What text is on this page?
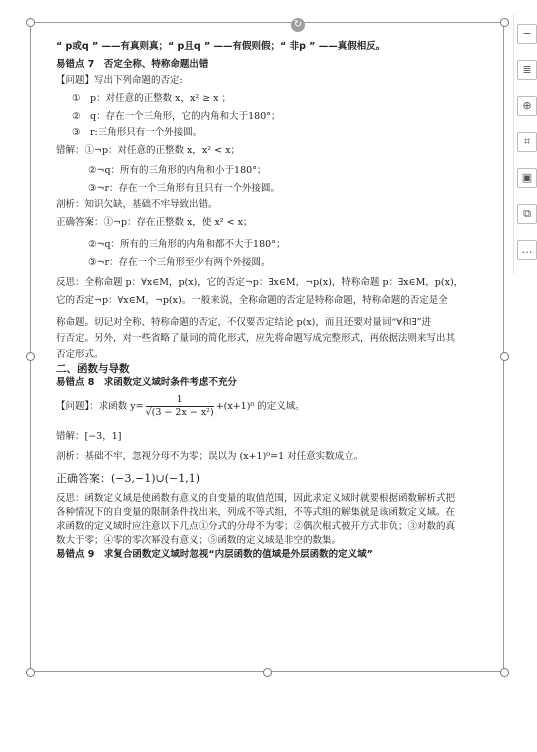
↻
“ p或q ” ——有真则真；“ p且q ” ——有假则假；“ 非p ” ——真假相反。
易错点 7　否定全称、特称命题出错
【问题】写出下列命题的否定:
①　p：对任意的正整数 x，x² ≥ x ；
②　q：存在一个三角形，它的内角和大于180°；
③　r:三角形只有一个外接圆。
错解：①¬p：对任意的正整数 x，x² < x；
②¬q：所有的三角形的内角和小于180°；
③¬r：存在一个三角形有且只有一个外接圆。
剖析：知识欠缺，基础不牢导致出错。
正确答案：①¬p：存在正整数 x，使 x² < x；
②¬q：所有的三角形的内角和都不大于180°；
③¬r：存在一个三角形至少有两个外接圆。
反思：全称命题 p：∀x∈M，p(x)，它的否定¬p：∃x∈M，¬p(x)，特称命题 p：∃x∈M，p(x)，
它的否定¬p：∀x∈M，¬p(x)。一般来说，全称命题的否定是特称命题，特称命题的否定是全
称命题。切记对全称、特称命题的否定，不仅要否定结论 p(x)，而且还要对量词“∀和∃”进
行否定。另外，对一些省略了量词的简化形式，应先将命题写成完整形式，再依据法则来写出其
否定形式。
二、函数与导数
易错点 8　求函数定义域时条件考虑不充分
【问题】：求函数 $y= \frac{1}{\text{√(3 − 2x − x²)}} +(x+1)^0$ 的定义域。
错解：[−3，1]
剖析：基础不牢，忽视分母不为零；误以为 (x+1)⁰=1 对任意实数成立。
正确答案：(−3,−1)∪(−1,1)
反思：函数定义域是使函数有意义的自变量的取值范围，因此求定义域时就要根据函数解析式把
各种情况下的自变量的限制条件找出来，列成不等式组，不等式组的解集就是该函数定义域。在
求函数的定义域时应注意以下几点①分式的分母不为零；②偶次根式被开方式非负；③对数的真
数大于零；④零的零次幂没有意义；⑤函数的定义域是非空的数集。
易错点 9　求复合函数定义域时忽视“内层函数的值域是外层函数的定义域”
−
≣
⊕
⌗
▣
⧉
…
